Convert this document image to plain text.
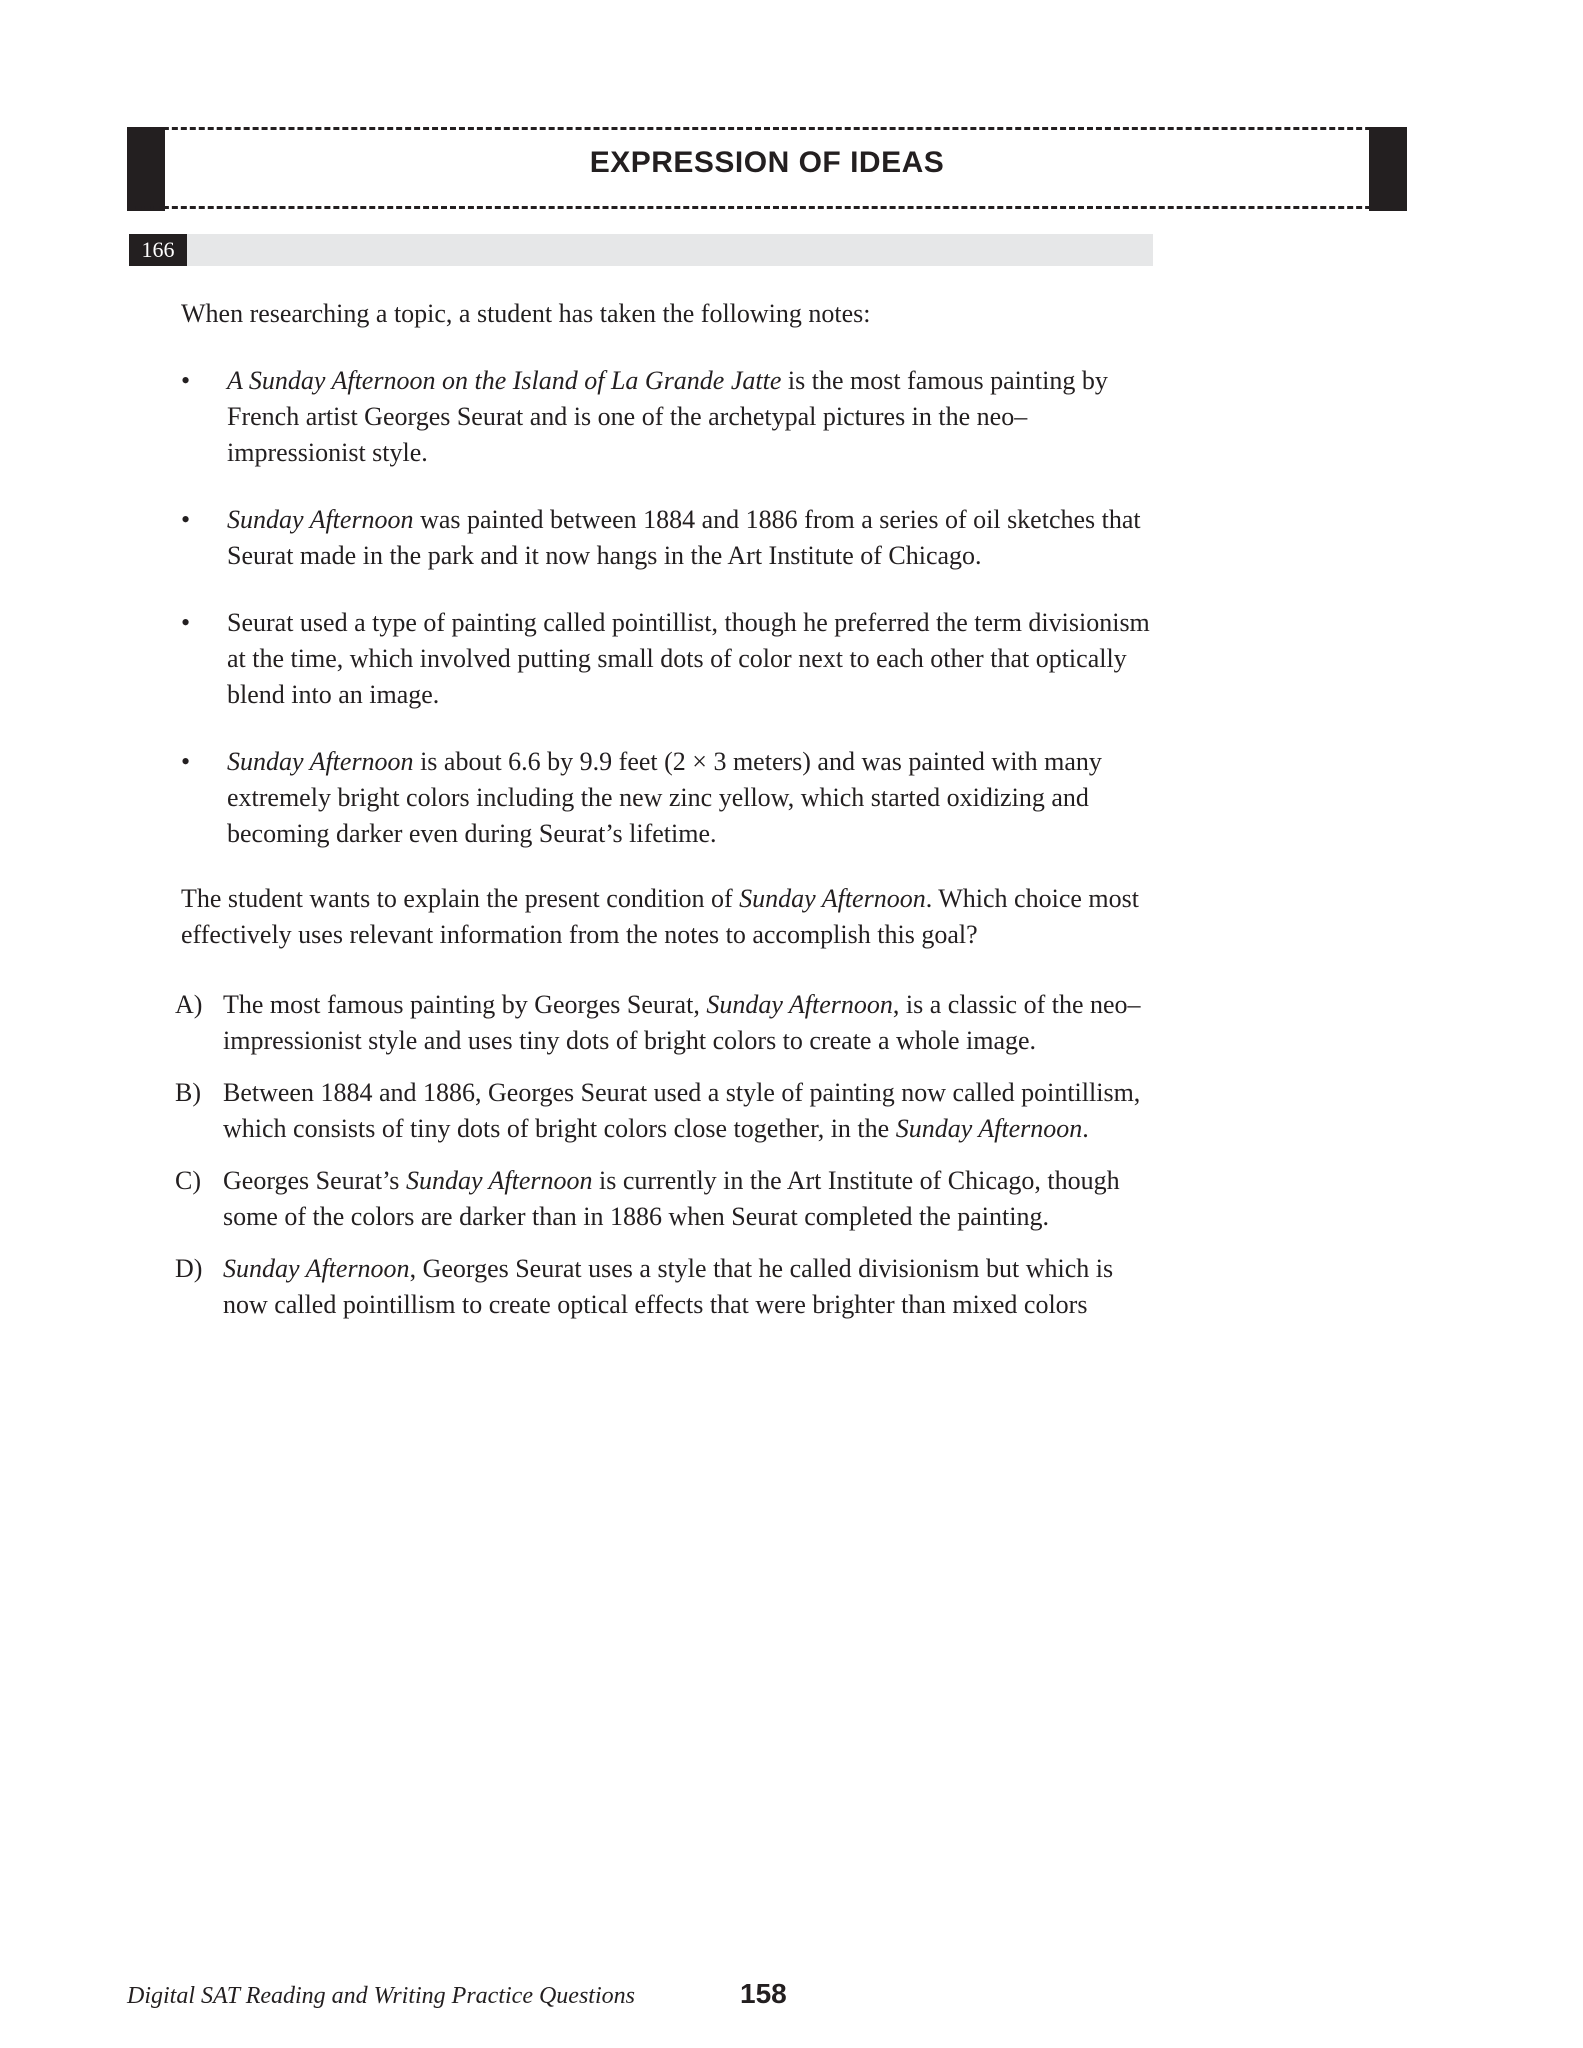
EXPRESSION OF IDEAS
166

When researching a topic, a student has taken the following notes:

• A Sunday Afternoon on the Island of La Grande Jatte is the most famous painting by French artist Georges Seurat and is one of the archetypal pictures in the neo–impressionist style.
• Sunday Afternoon was painted between 1884 and 1886 from a series of oil sketches that Seurat made in the park and it now hangs in the Art Institute of Chicago.
• Seurat used a type of painting called pointillist, though he preferred the term divisionism at the time, which involved putting small dots of color next to each other that optically blend into an image.
• Sunday Afternoon is about 6.6 by 9.9 feet (2 × 3 meters) and was painted with many extremely bright colors including the new zinc yellow, which started oxidizing and becoming darker even during Seurat’s lifetime.

The student wants to explain the present condition of Sunday Afternoon. Which choice most effectively uses relevant information from the notes to accomplish this goal?

A) The most famous painting by Georges Seurat, Sunday Afternoon, is a classic of the neo–impressionist style and uses tiny dots of bright colors to create a whole image.
B) Between 1884 and 1886, Georges Seurat used a style of painting now called pointillism, which consists of tiny dots of bright colors close together, in the Sunday Afternoon.
C) Georges Seurat’s Sunday Afternoon is currently in the Art Institute of Chicago, though some of the colors are darker than in 1886 when Seurat completed the painting.
D) Sunday Afternoon, Georges Seurat uses a style that he called divisionism but which is now called pointillism to create optical effects that were brighter than mixed colors
Digital SAT Reading and Writing Practice Questions	158
